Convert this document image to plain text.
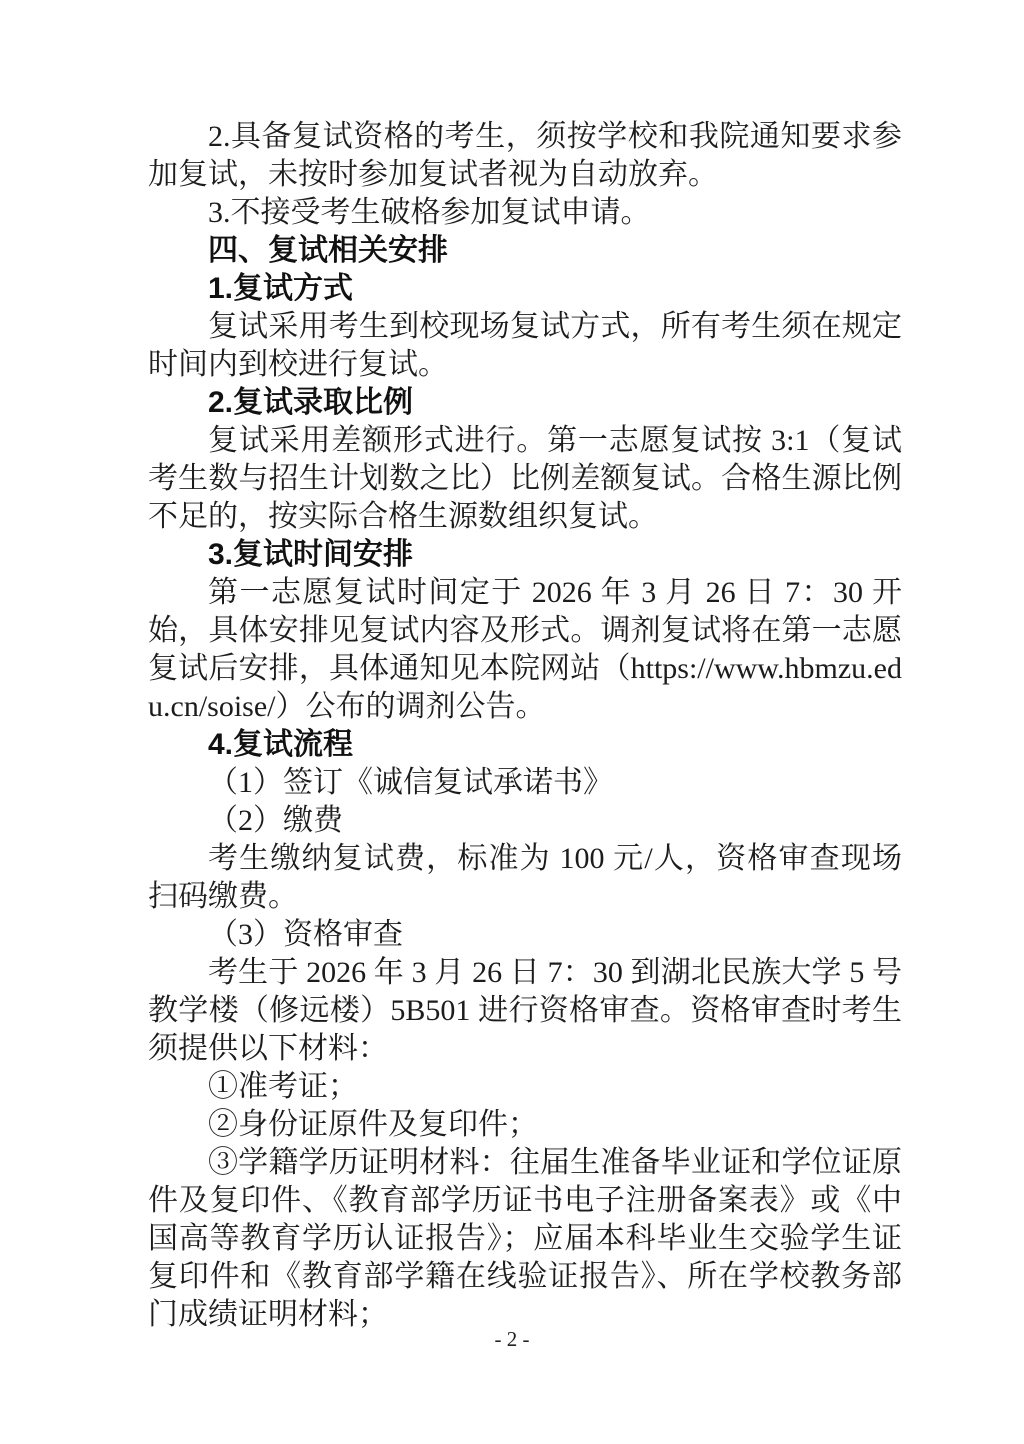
2.具备复试资格的考生，须按学校和我院通知要求参加复试，未按时参加复试者视为自动放弃。

3.不接受考生破格参加复试申请。

四、复试相关安排

1.复试方式

复试采用考生到校现场复试方式，所有考生须在规定时间内到校进行复试。

2.复试录取比例

复试采用差额形式进行。第一志愿复试按 3:1（复试考生数与招生计划数之比）比例差额复试。合格生源比例不足的，按实际合格生源数组织复试。

3.复试时间安排

第一志愿复试时间定于 2026 年 3 月 26 日 7：30 开始，具体安排见复试内容及形式。调剂复试将在第一志愿复试后安排，具体通知见本院网站（https://www.hbmzu.edu.cn/soise/）公布的调剂公告。

4.复试流程

（1）签订《诚信复试承诺书》

（2）缴费

考生缴纳复试费，标准为 100 元/人，资格审查现场扫码缴费。

（3）资格审查

考生于 2026 年 3 月 26 日 7：30 到湖北民族大学 5 号教学楼（修远楼）5B501 进行资格审查。资格审查时考生须提供以下材料：

①准考证；

②身份证原件及复印件；

③学籍学历证明材料：往届生准备毕业证和学位证原件及复印件、《教育部学历证书电子注册备案表》或《中国高等教育学历认证报告》；应届本科毕业生交验学生证复印件和《教育部学籍在线验证报告》、所在学校教务部门成绩证明材料；

- 2 -
